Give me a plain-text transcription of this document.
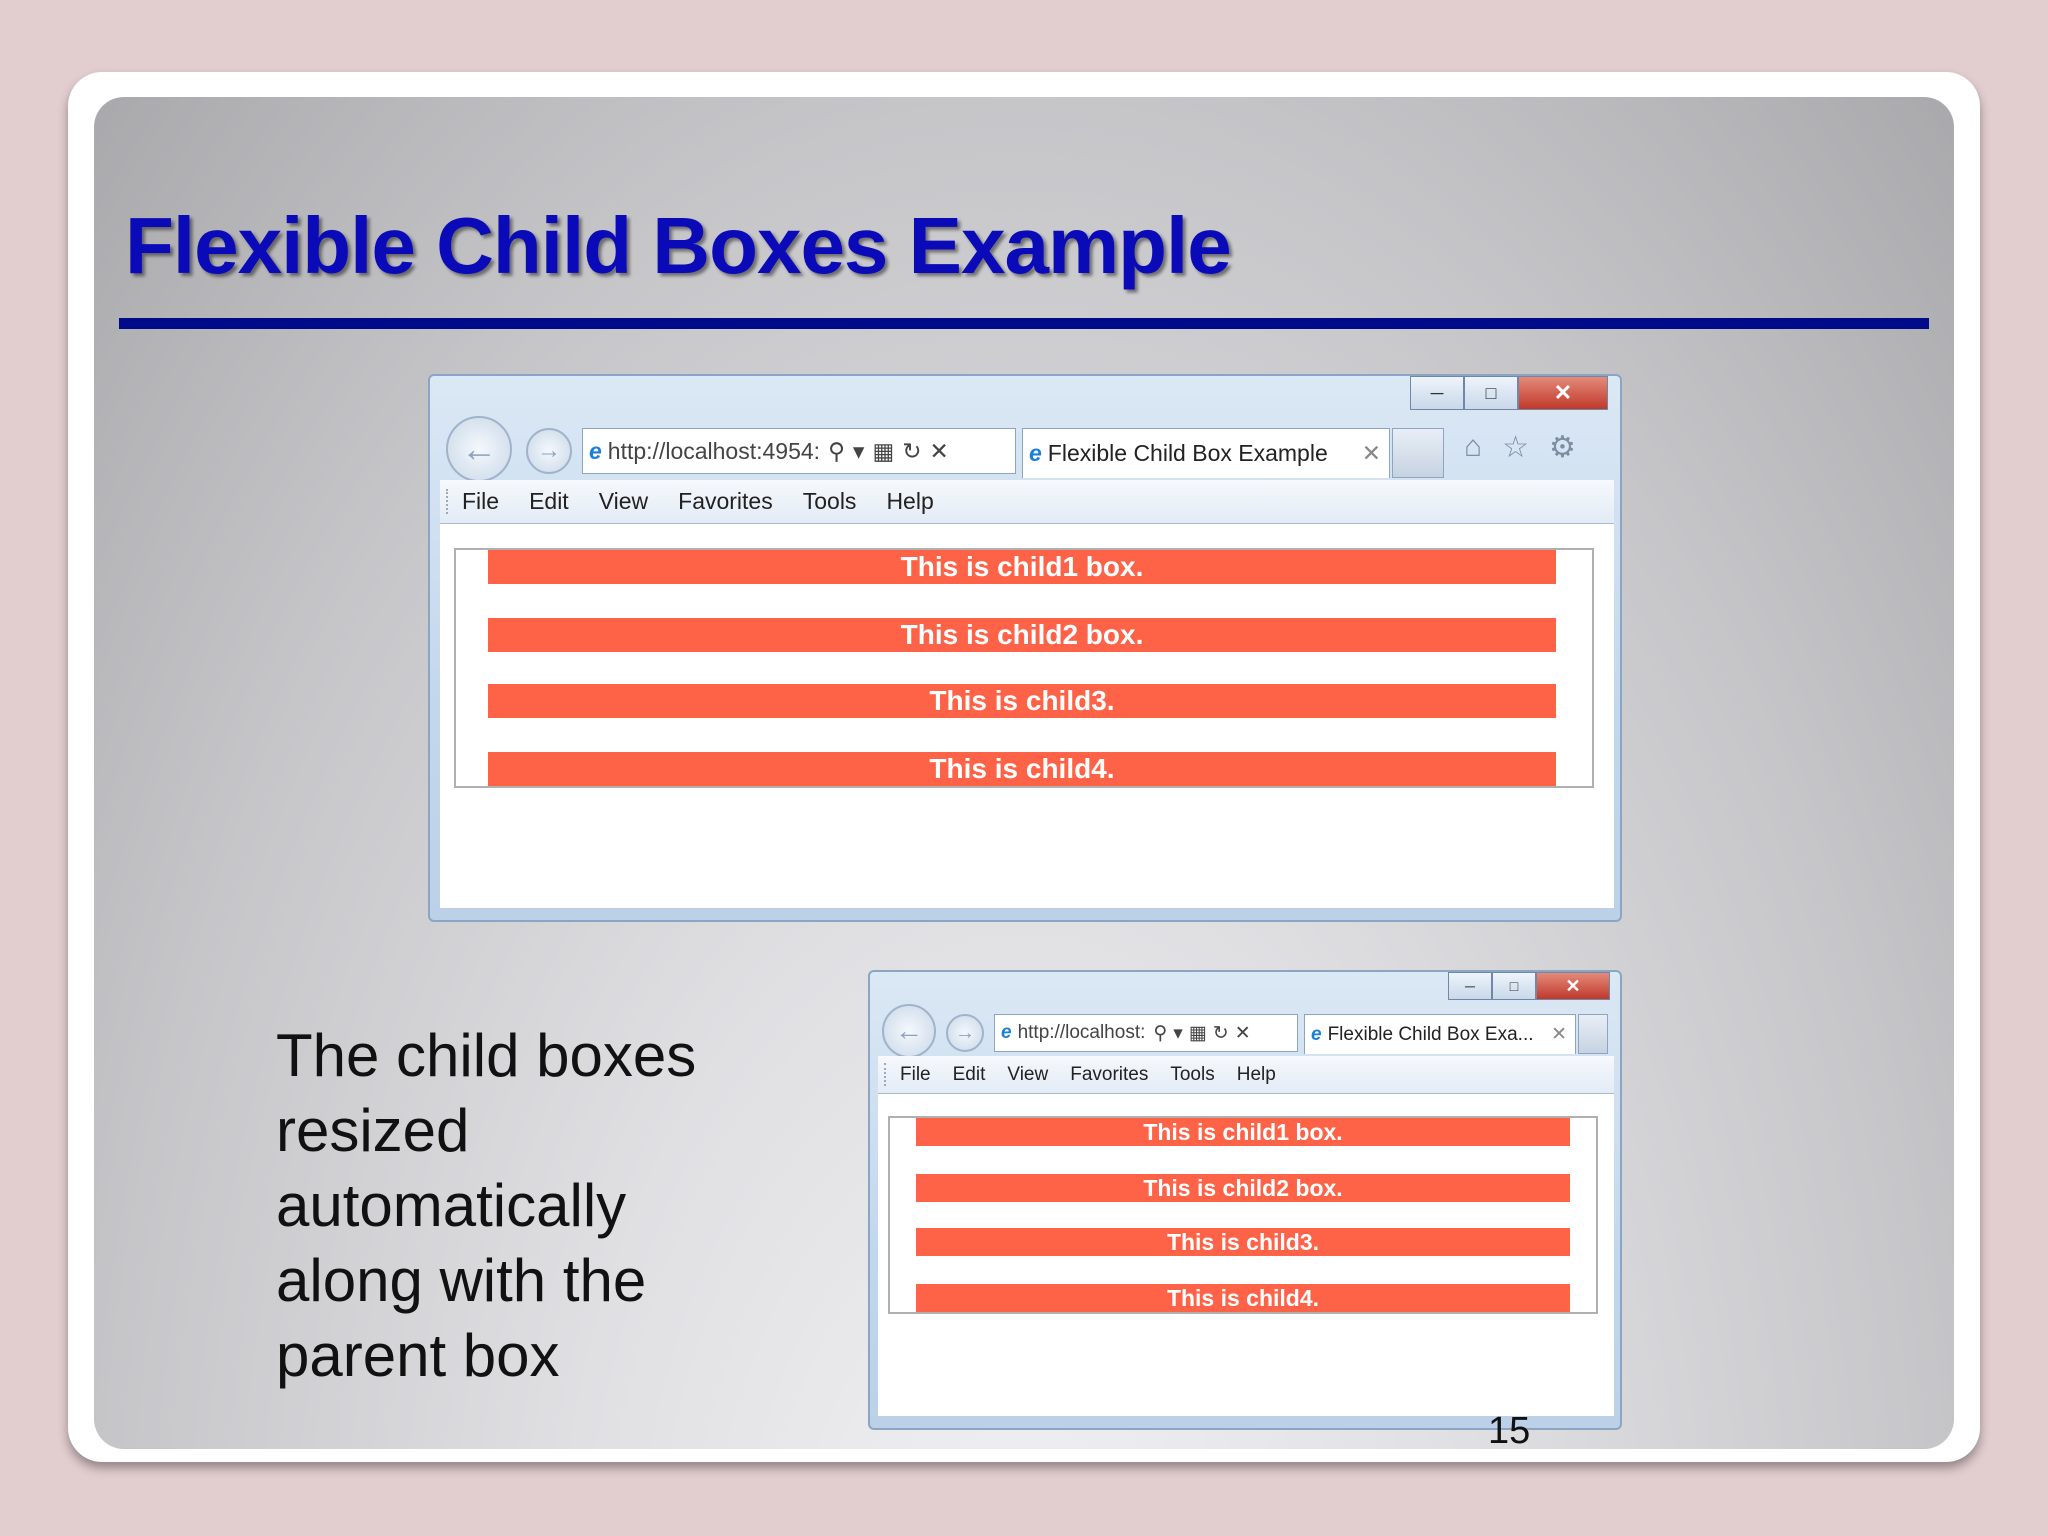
Flexible Child Boxes Example
─	□	✕
← → e http://localhost:4954: ⚲ ▾ ▦ ↻ ✕	e Flexible Child Box Example ✕	⌂ ☆ ⚙
File Edit View Favorites Tools Help
This is child1 box.
This is child2 box.
This is child3.
This is child4.
─	□	✕
← → e http://localhost: ⚲ ▾ ▦ ↻ ✕	e Flexible Child Box Exa... ✕
File Edit View Favorites Tools Help
This is child1 box.
This is child2 box.
This is child3.
This is child4.
The child boxes resized automatically along with the parent box
15
